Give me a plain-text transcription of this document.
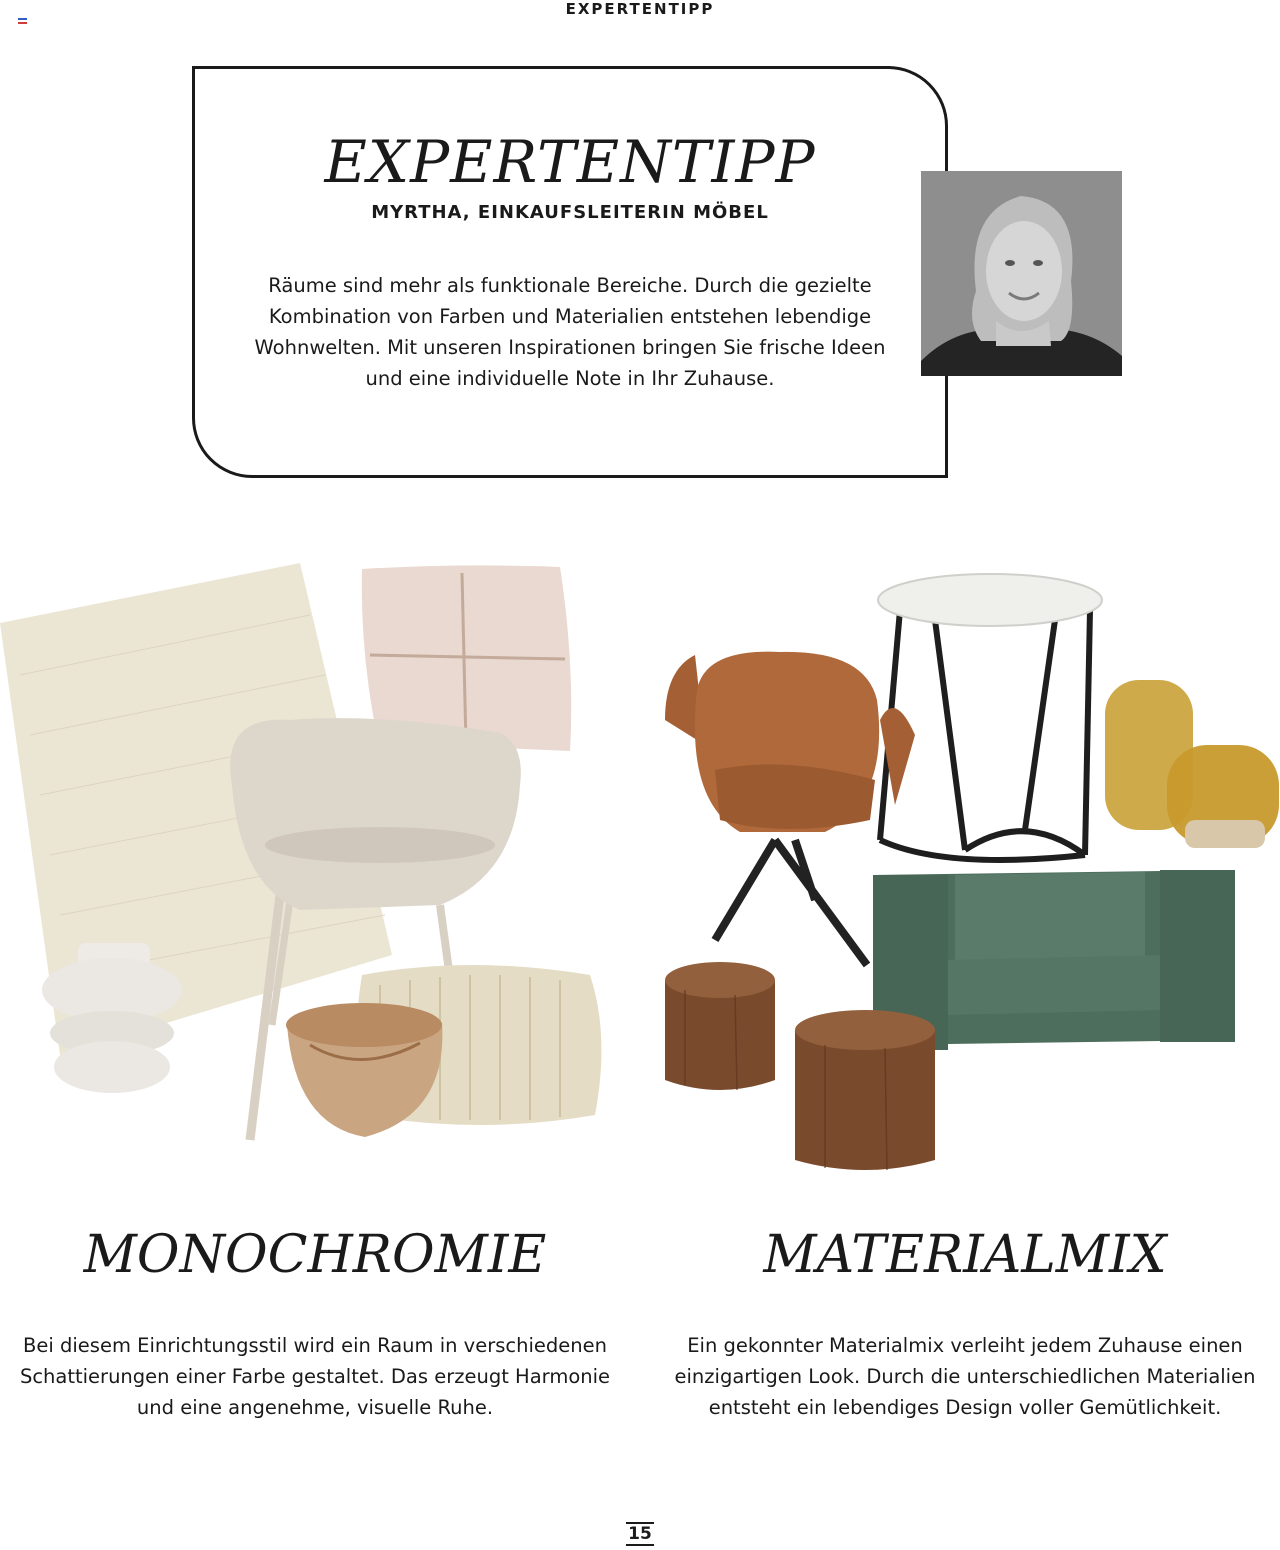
EXPERTENTIPP
EXPERTENTIPP
MYRTHA, EINKAUFSLEITERIN MÖBEL
Räume sind mehr als funktionale Bereiche. Durch die gezielte Kombination von Farben und Materialien entstehen lebendige Wohnwelten. Mit unseren Inspirationen bringen Sie frische Ideen und eine individuelle Note in Ihr Zuhause.
MONOCHROMIE	MATERIALMIX
Bei diesem Einrichtungsstil wird ein Raum in verschiedenen Schattierungen einer Farbe gestaltet. Das erzeugt Harmonie und eine angenehme, visuelle Ruhe.
Ein gekonnter Materialmix verleiht jedem Zuhause einen einzigartigen Look. Durch die unterschiedlichen Materialien entsteht ein lebendiges Design voller Gemütlichkeit.
15
